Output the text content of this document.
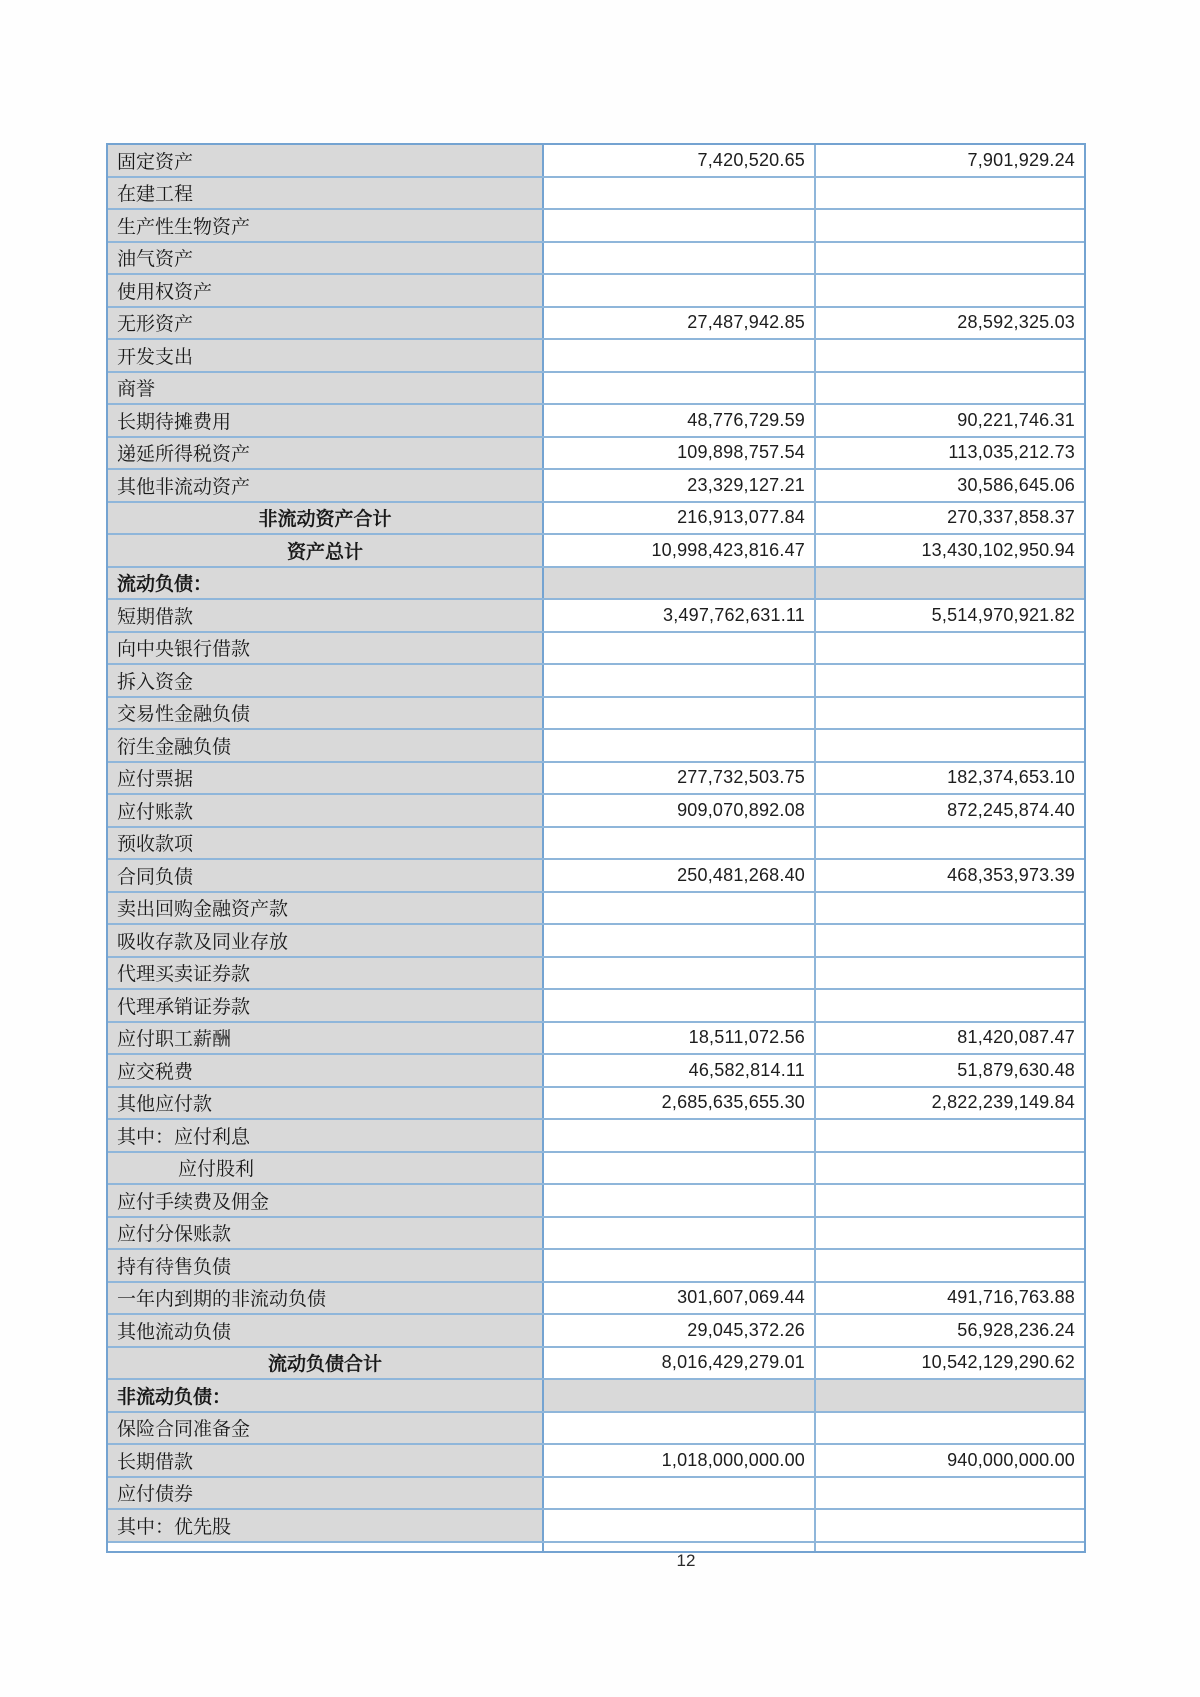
固定资产	7,420,520.65	7,901,929.24
在建工程
生产性生物资产
油气资产
使用权资产
无形资产	27,487,942.85	28,592,325.03
开发支出
商誉
长期待摊费用	48,776,729.59	90,221,746.31
递延所得税资产	109,898,757.54	113,035,212.73
其他非流动资产	23,329,127.21	30,586,645.06
非流动资产合计	216,913,077.84	270,337,858.37
资产总计	10,998,423,816.47	13,430,102,950.94
流动负债：
短期借款	3,497,762,631.11	5,514,970,921.82
向中央银行借款
拆入资金
交易性金融负债
衍生金融负债
应付票据	277,732,503.75	182,374,653.10
应付账款	909,070,892.08	872,245,874.40
预收款项
合同负债	250,481,268.40	468,353,973.39
卖出回购金融资产款
吸收存款及同业存放
代理买卖证券款
代理承销证券款
应付职工薪酬	18,511,072.56	81,420,087.47
应交税费	46,582,814.11	51,879,630.48
其他应付款	2,685,635,655.30	2,822,239,149.84
其中：应付利息
应付股利
应付手续费及佣金
应付分保账款
持有待售负债
一年内到期的非流动负债	301,607,069.44	491,716,763.88
其他流动负债	29,045,372.26	56,928,236.24
流动负债合计	8,016,429,279.01	10,542,129,290.62
非流动负债：
保险合同准备金
长期借款	1,018,000,000.00	940,000,000.00
应付债券
其中：优先股
12
